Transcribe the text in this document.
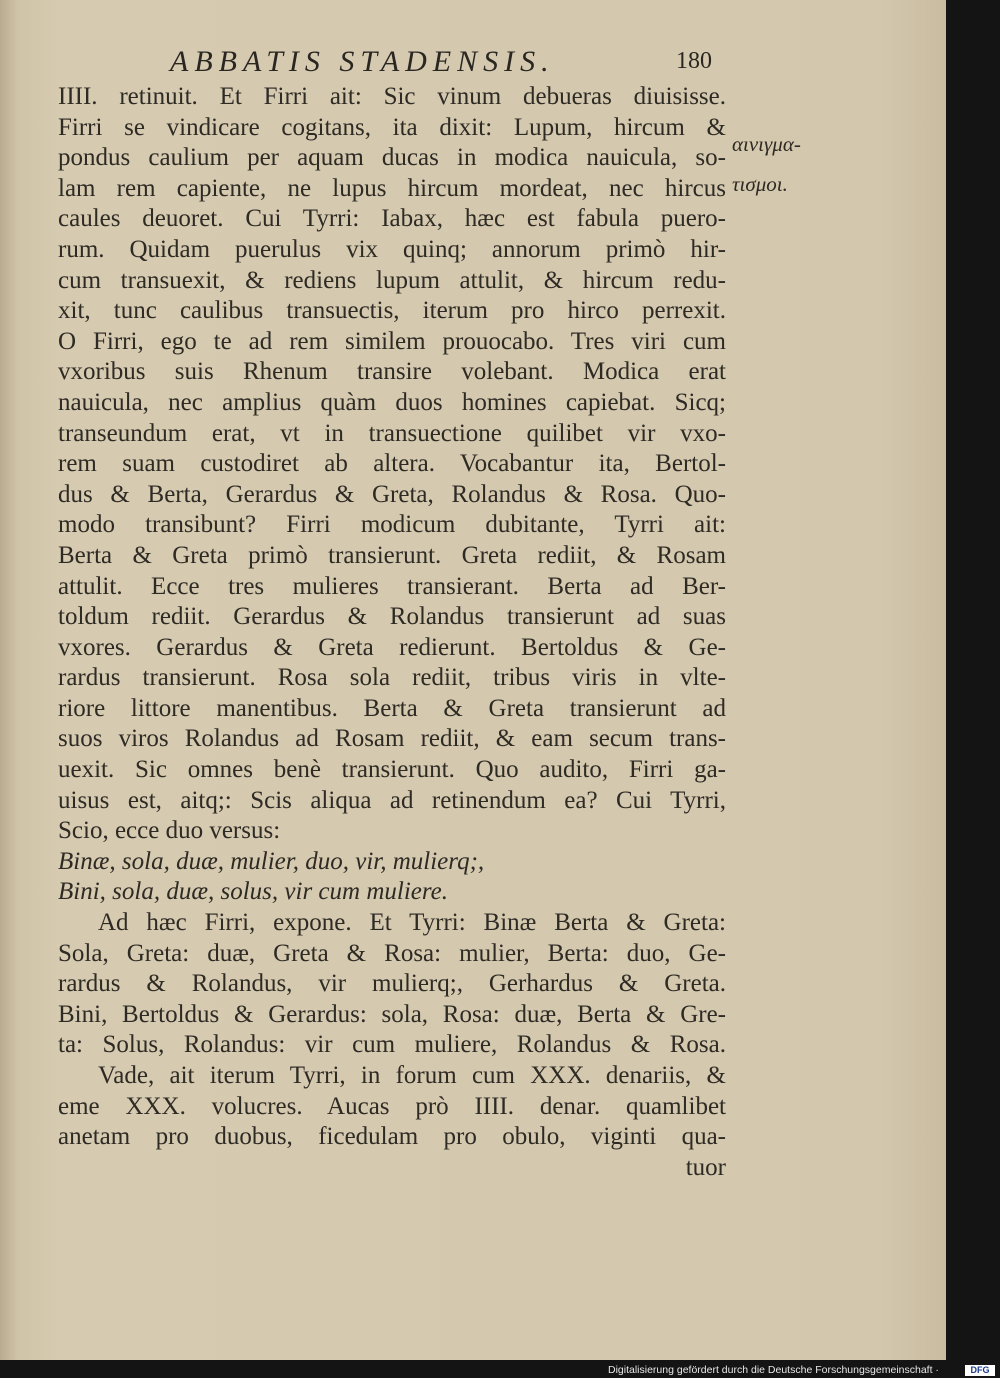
ABBATIS STADENSIS.	180
αινιγμα-
τισμοι.
IIII. retinuit. Et Firri ait: Sic vinum debueras diuisisse.
Firri se vindicare cogitans, ita dixit: Lupum, hircum &
pondus caulium per aquam ducas in modica nauicula, so-
lam rem capiente, ne lupus hircum mordeat, nec hircus
caules deuoret. Cui Tyrri: Iabax, hæc est fabula puero-
rum. Quidam puerulus vix quinq; annorum primò hir-
cum transuexit, & rediens lupum attulit, & hircum redu-
xit, tunc caulibus transuectis, iterum pro hirco perrexit.
O Firri, ego te ad rem similem prouocabo. Tres viri cum
vxoribus suis Rhenum transire volebant. Modica erat
nauicula, nec amplius quàm duos homines capiebat. Sicq;
transeundum erat, vt in transuectione quilibet vir vxo-
rem suam custodiret ab altera. Vocabantur ita, Bertol-
dus & Berta, Gerardus & Greta, Rolandus & Rosa. Quo-
modo transibunt? Firri modicum dubitante, Tyrri ait:
Berta & Greta primò transierunt. Greta rediit, & Rosam
attulit. Ecce tres mulieres transierant. Berta ad Ber-
toldum rediit. Gerardus & Rolandus transierunt ad suas
vxores. Gerardus & Greta redierunt. Bertoldus & Ge-
rardus transierunt. Rosa sola rediit, tribus viris in vlte-
riore littore manentibus. Berta & Greta transierunt ad
suos viros Rolandus ad Rosam rediit, & eam secum trans-
uexit. Sic omnes benè transierunt. Quo audito, Firri ga-
uisus est, aitq;: Scis aliqua ad retinendum ea? Cui Tyrri,
Scio, ecce duo versus:
Binæ, sola, duæ, mulier, duo, vir, mulierq;,
Bini, sola, duæ, solus, vir cum muliere.
Ad hæc Firri, expone. Et Tyrri: Binæ Berta & Greta:
Sola, Greta: duæ, Greta & Rosa: mulier, Berta: duo, Ge-
rardus & Rolandus, vir mulierq;, Gerhardus & Greta.
Bini, Bertoldus & Gerardus: sola, Rosa: duæ, Berta & Gre-
ta: Solus, Rolandus: vir cum muliere, Rolandus & Rosa.
Vade, ait iterum Tyrri, in forum cum XXX. denariis, &
eme XXX. volucres. Aucas prò IIII. denar. quamlibet
anetam pro duobus, ficedulam pro obulo, viginti qua-
tuor
Digitalisierung gefördert durch die Deutsche Forschungsgemeinschaft ·	DFG
